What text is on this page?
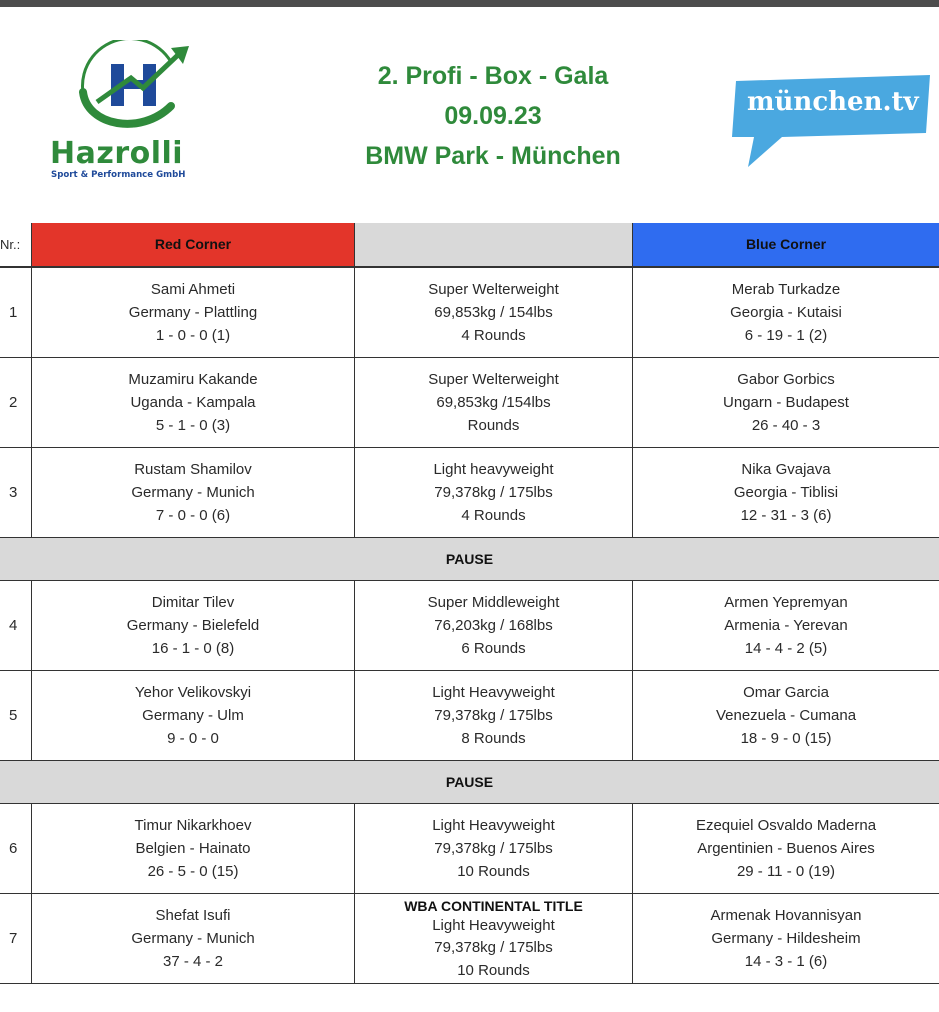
Hazrolli
Sport & Performance GmbH
2. Profi - Box - Gala
09.09.23
BMW Park - München
münchen.tv
Nr.:	Red Corner	Blue Corner
1
Sami Ahmeti
Germany - Plattling
1 - 0 - 0 (1)
Super Welterweight
69,853kg / 154lbs
4 Rounds
Merab Turkadze
Georgia - Kutaisi
6 - 19 - 1 (2)
2
Muzamiru Kakande
Uganda - Kampala
5 - 1 - 0 (3)
Super Welterweight
69,853kg /154lbs
Rounds
Gabor Gorbics
Ungarn - Budapest
26 - 40 - 3
3
Rustam Shamilov
Germany - Munich
7 - 0 - 0 (6)
Light heavyweight
79,378kg / 175lbs
4 Rounds
Nika Gvajava
Georgia - Tiblisi
12 - 31 - 3 (6)
PAUSE
4
Dimitar Tilev
Germany - Bielefeld
16 - 1 - 0 (8)
Super Middleweight
76,203kg / 168lbs
6 Rounds
Armen Yepremyan
Armenia - Yerevan
14 - 4 - 2 (5)
5
Yehor Velikovskyi
Germany - Ulm
9 - 0 - 0
Light Heavyweight
79,378kg / 175lbs
8 Rounds
Omar Garcia
Venezuela - Cumana
18 - 9 - 0 (15)
PAUSE
6
Timur Nikarkhoev
Belgien - Hainato
26 - 5 - 0 (15)
Light Heavyweight
79,378kg / 175lbs
10 Rounds
Ezequiel Osvaldo Maderna
Argentinien - Buenos Aires
29 - 11 - 0 (19)
7
Shefat Isufi
Germany - Munich
37 - 4 - 2
WBA CONTINENTAL TITLE
Light Heavyweight
79,378kg / 175lbs
10 Rounds
Armenak Hovannisyan
Germany - Hildesheim
14 - 3 - 1 (6)
